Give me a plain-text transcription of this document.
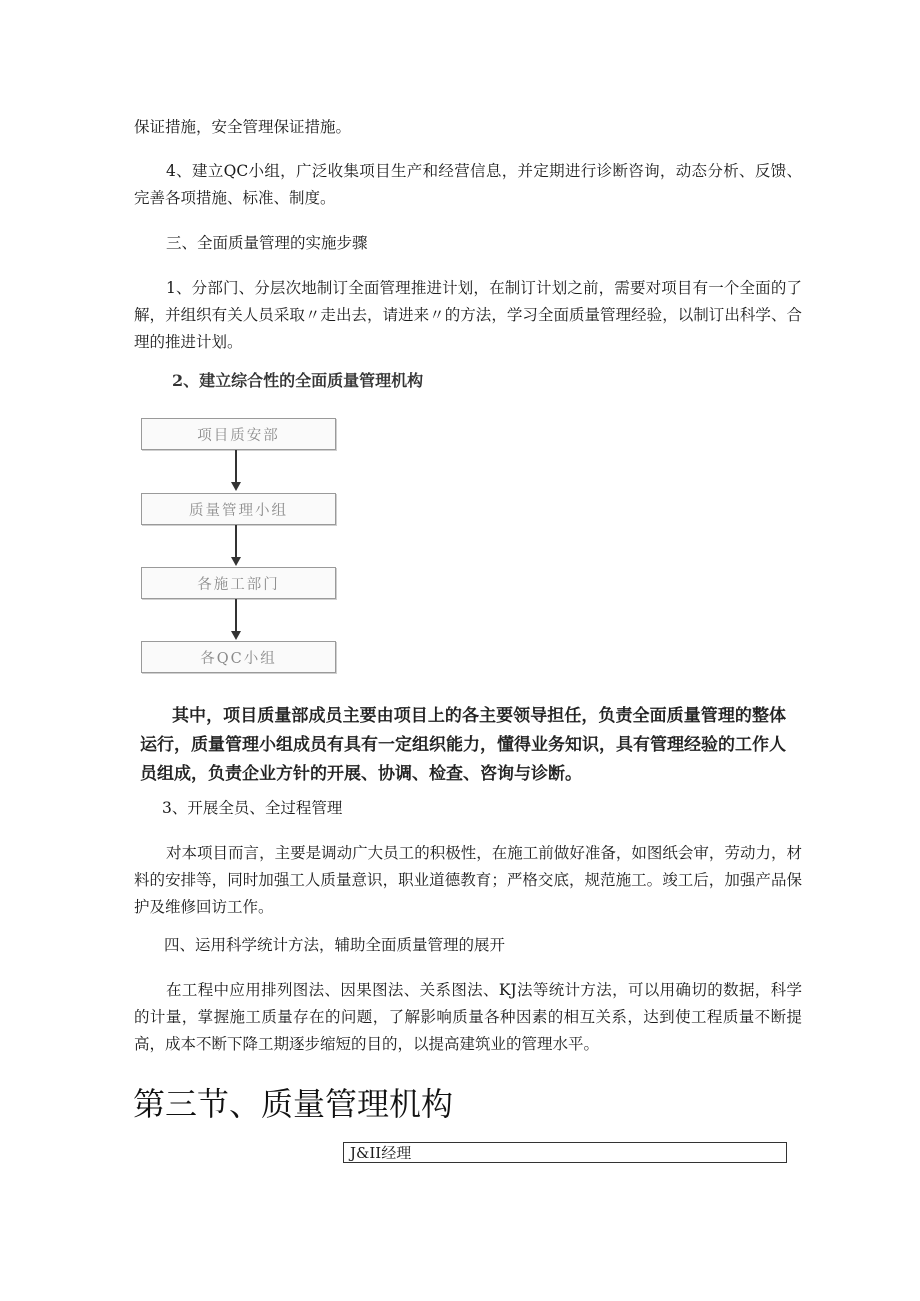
保证措施，安全管理保证措施。

4、建立QC小组，广泛收集项目生产和经营信息，并定期进行诊断咨询，动态分析、反馈、完善各项措施、标准、制度。

三、全面质量管理的实施步骤

1、分部门、分层次地制订全面管理推进计划，在制订计划之前，需要对项目有一个全面的了解，并组织有关人员采取〃走出去，请进来〃的方法，学习全面质量管理经验，以制订出科学、合理的推进计划。

2、建立综合性的全面质量管理机构

项目质安部
质量管理小组
各施工部门
各QC小组

其中，项目质量部成员主要由项目上的各主要领导担任，负责全面质量管理的整体运行，质量管理小组成员有具有一定组织能力，懂得业务知识，具有管理经验的工作人员组成，负责企业方针的开展、协调、检查、咨询与诊断。

3、开展全员、全过程管理

对本项目而言，主要是调动广大员工的积极性，在施工前做好准备，如图纸会审，劳动力，材料的安排等，同时加强工人质量意识，职业道德教育；严格交底，规范施工。竣工后，加强产品保护及维修回访工作。

四、运用科学统计方法，辅助全面质量管理的展开

在工程中应用排列图法、因果图法、关系图法、KJ法等统计方法，可以用确切的数据，科学的计量，掌握施工质量存在的问题，了解影响质量各种因素的相互关系，达到使工程质量不断提高，成本不断下降工期逐步缩短的目的，以提高建筑业的管理水平。

第三节、质量管理机构
J&II经理
